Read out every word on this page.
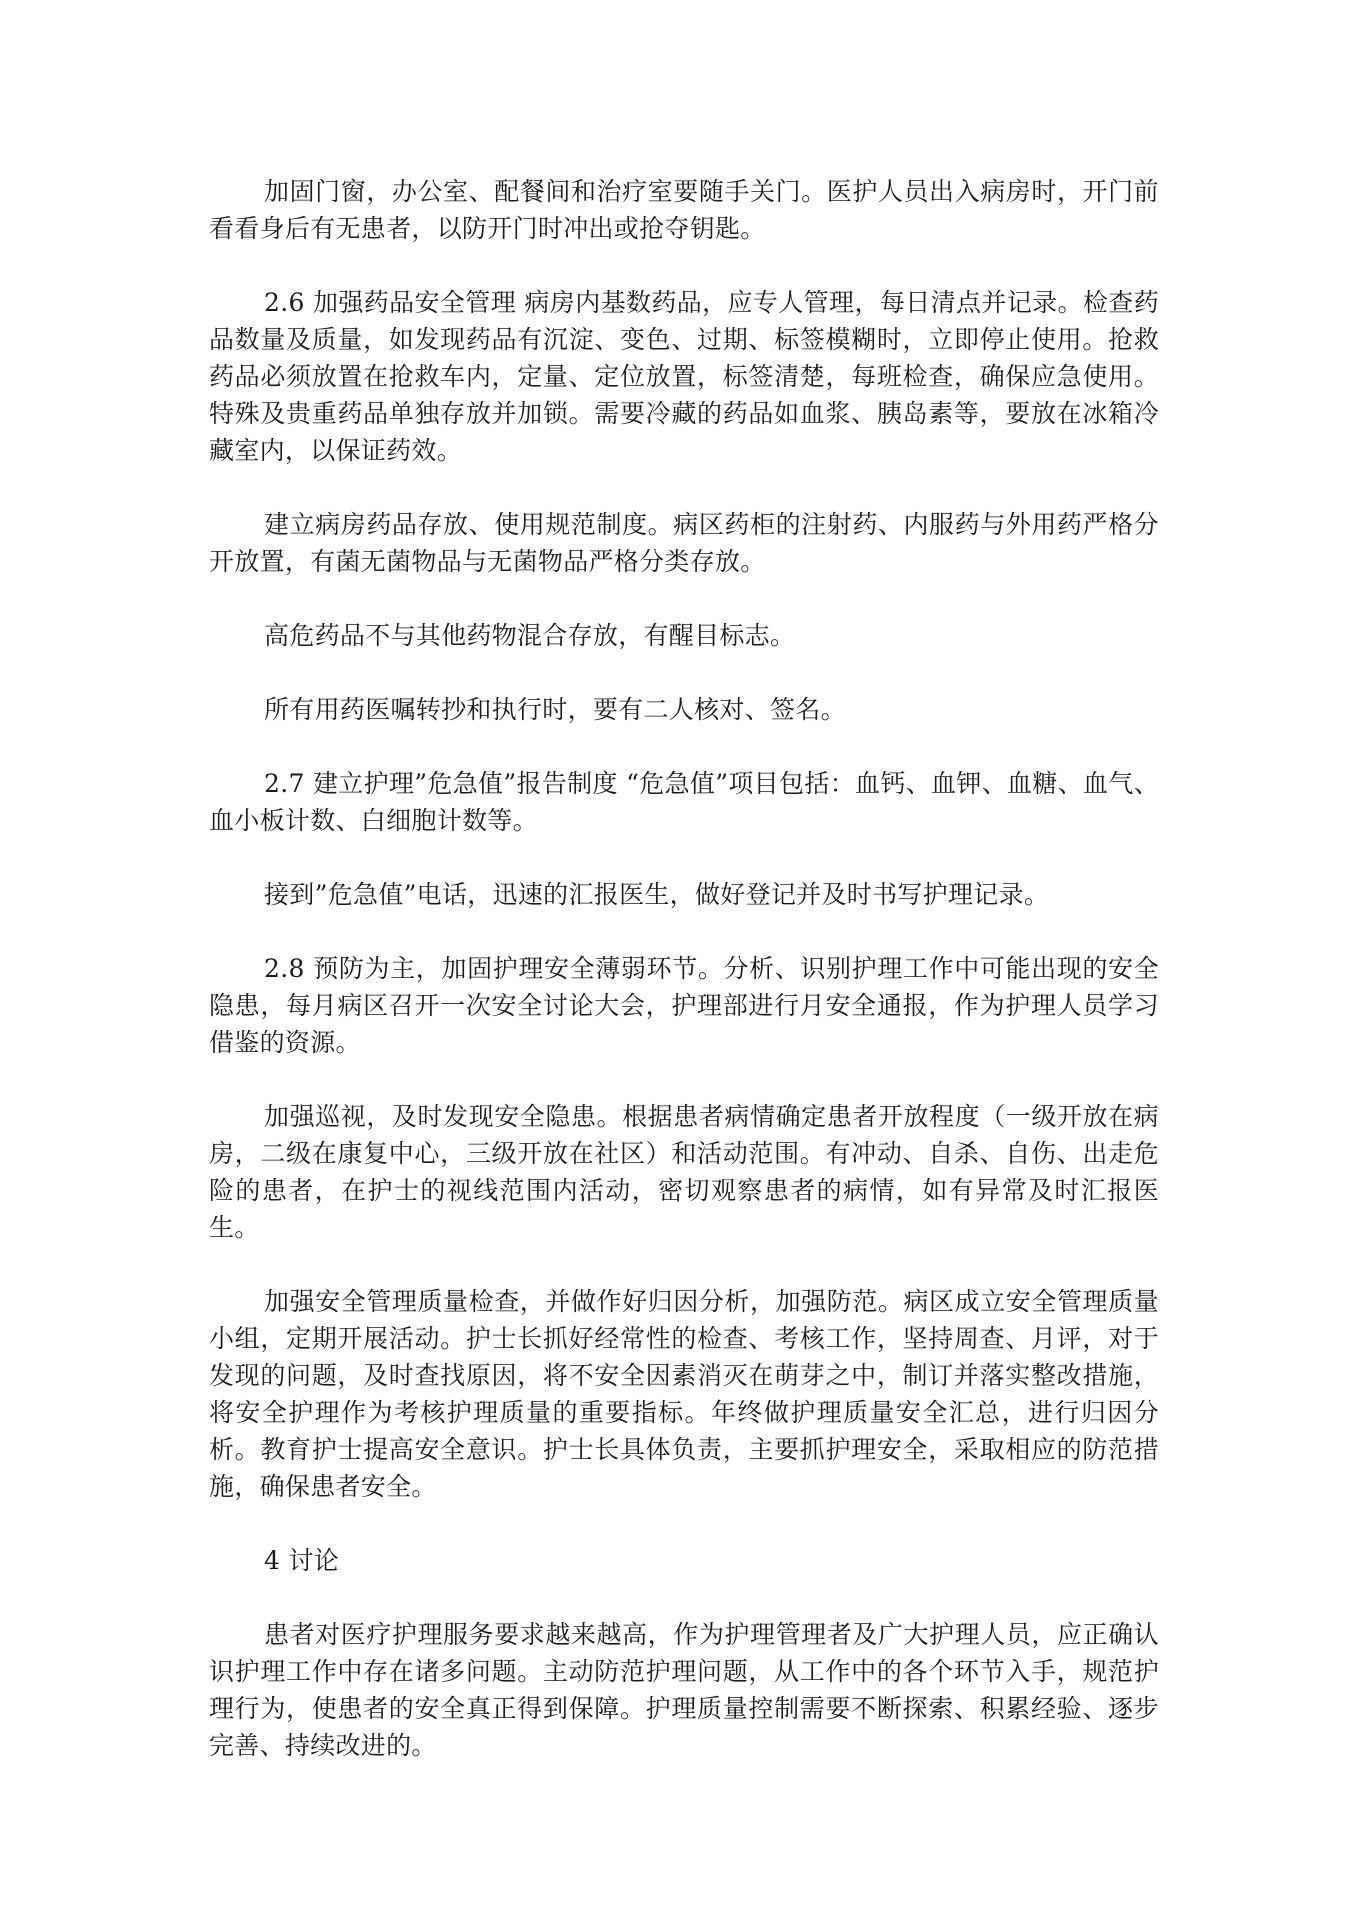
加固门窗，办公室、配餐间和治疗室要随手关门。医护人员出入病房时，开门前看看身后有无患者，以防开门时冲出或抢夺钥匙。

2.6 加强药品安全管理 病房内基数药品，应专人管理，每日清点并记录。检查药品数量及质量，如发现药品有沉淀、变色、过期、标签模糊时，立即停止使用。抢救药品必须放置在抢救车内，定量、定位放置，标签清楚，每班检查，确保应急使用。特殊及贵重药品单独存放并加锁。需要冷藏的药品如血浆、胰岛素等，要放在冰箱冷藏室内，以保证药效。

建立病房药品存放、使用规范制度。病区药柜的注射药、内服药与外用药严格分开放置，有菌无菌物品与无菌物品严格分类存放。

高危药品不与其他药物混合存放，有醒目标志。

所有用药医嘱转抄和执行时，要有二人核对、签名。

2.7 建立护理”危急值”报告制度 “危急值”项目包括：血钙、血钾、血糖、血气、血小板计数、白细胞计数等。

接到”危急值”电话，迅速的汇报医生，做好登记并及时书写护理记录。

2.8 预防为主，加固护理安全薄弱环节。分析、识别护理工作中可能出现的安全隐患，每月病区召开一次安全讨论大会，护理部进行月安全通报，作为护理人员学习借鉴的资源。

加强巡视，及时发现安全隐患。根据患者病情确定患者开放程度（一级开放在病房，二级在康复中心，三级开放在社区）和活动范围。有冲动、自杀、自伤、出走危险的患者，在护士的视线范围内活动，密切观察患者的病情，如有异常及时汇报医生。

加强安全管理质量检查，并做作好归因分析，加强防范。病区成立安全管理质量小组，定期开展活动。护士长抓好经常性的检查、考核工作，坚持周查、月评，对于发现的问题，及时查找原因，将不安全因素消灭在萌芽之中，制订并落实整改措施，将安全护理作为考核护理质量的重要指标。年终做护理质量安全汇总，进行归因分析。教育护士提高安全意识。护士长具体负责，主要抓护理安全，采取相应的防范措施，确保患者安全。

4 讨论

患者对医疗护理服务要求越来越高，作为护理管理者及广大护理人员，应正确认识护理工作中存在诸多问题。主动防范护理问题，从工作中的各个环节入手，规范护理行为，使患者的安全真正得到保障。护理质量控制需要不断探索、积累经验、逐步完善、持续改进的。
